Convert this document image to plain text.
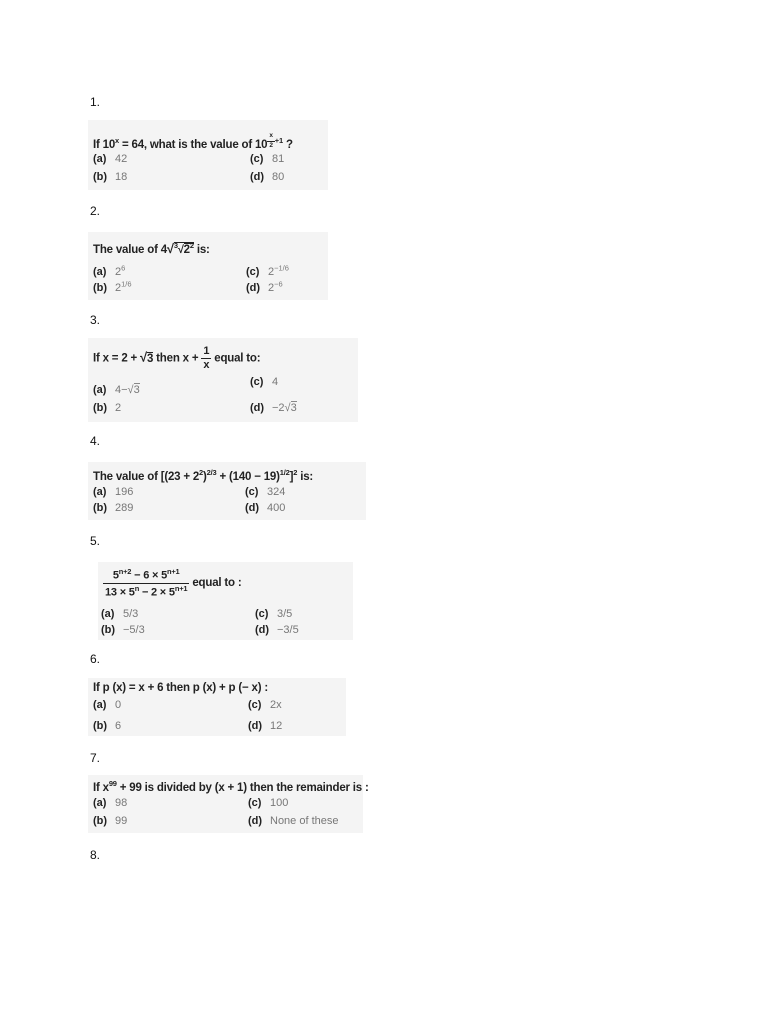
1.
If $10^x = 64$, what is the value of 10 $^{\frac{x}{2} +1}$ ?
(a) 42
(b) 18
(c) 81
(d) 80
2.
The value of $4√^3√2^2$ is:
(a) $2^6$
(b) $2^{1/6}$
(c) $2^{-1/6}$
(d) $2^{-6}$
3.
If x = 2 + √3 then $x + \frac{1}{x}$ equal to:
(a) 4−√3
(b) 2
(c) 4
(d) −2√3
4.
The value of $[(23 + 2^2)^{2/3} + (140 - 19)^{1/2}]^2$ is:
(a) 196
(b) 289
(c) 324
(d) 400
5.
$\frac{5^{n+2} - 6 \times 5^{n+1}}{13 \times 5^n - 2 \times 5^{n+1}}$ equal to :
(a) 5/3
(b) −5/3
(c) 3/5
(d) −3/5
6.
If p (x) = x + 6 then p (x) + p (− x) :
(a) 0
(b) 6
(c) 2x
(d) 12
7.
If $x^{99} + 99$ is divided by (x + 1) then the remainder is :
(a) 98
(b) 99
(c) 100
(d) None of these
8.
